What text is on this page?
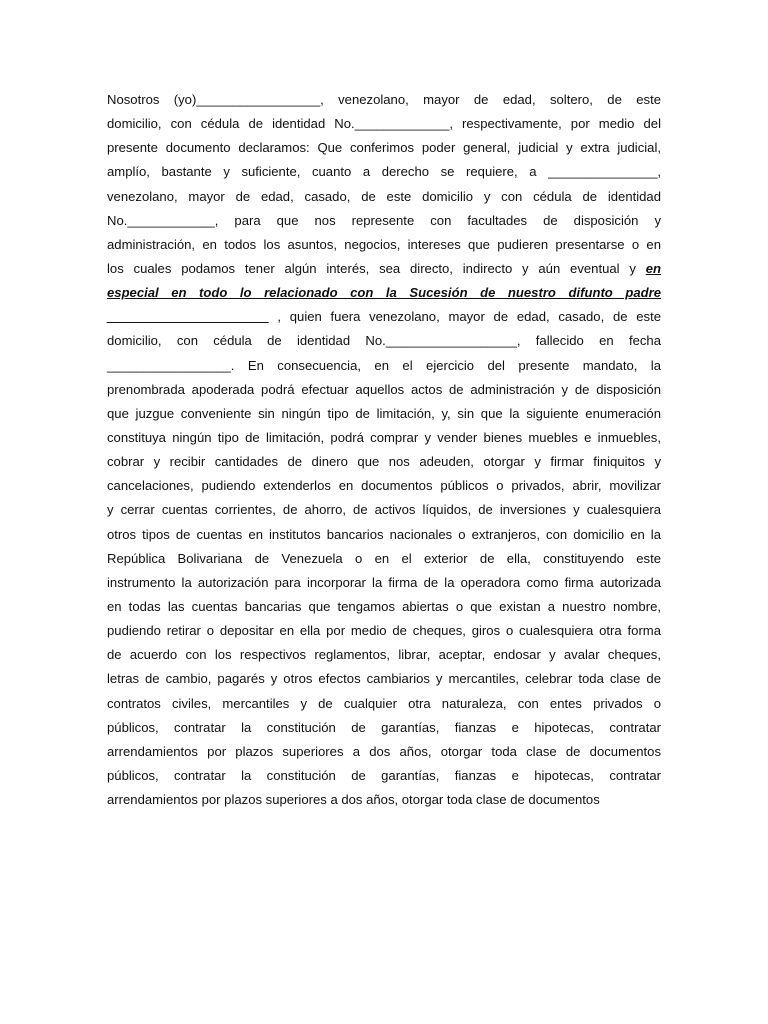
Nosotros (yo)_________________, venezolano, mayor de edad, soltero, de este
domicilio, con cédula de identidad No._____________, respectivamente, por medio del
presente documento declaramos: Que conferimos poder general, judicial y extra judicial,
amplío, bastante y suficiente, cuanto a derecho se requiere, a _______________,
venezolano, mayor de edad, casado, de este domicilio y con cédula de identidad
No.____________, para que nos represente con facultades de disposición y
administración, en todos los asuntos, negocios, intereses que pudieren presentarse o en
los cuales podamos tener algún interés, sea directo, indirecto y aún eventual y en
especial en todo lo relacionado con la Sucesión de nuestro difunto padre
____________________ _ , quien fuera venezolano, mayor de edad, casado, de este
domicilio, con cédula de identidad No.__________________, fallecido en fecha
_________________. En consecuencia, en el ejercicio del presente mandato, la
prenombrada apoderada podrá efectuar aquellos actos de administración y de disposición
que juzgue conveniente sin ningún tipo de limitación, y, sin que la siguiente enumeración
constituya ningún tipo de limitación, podrá comprar y vender bienes muebles e inmuebles,
cobrar y recibir cantidades de dinero que nos adeuden, otorgar y firmar finiquitos y
cancelaciones, pudiendo extenderlos en documentos públicos o privados, abrir, movilizar
y cerrar cuentas corrientes, de ahorro, de activos líquidos, de inversiones y cualesquiera
otros tipos de cuentas en institutos bancarios nacionales o extranjeros, con domicilio en la
República Bolivariana de Venezuela o en el exterior de ella, constituyendo este
instrumento la autorización para incorporar la firma de la operadora como firma autorizada
en todas las cuentas bancarias que tengamos abiertas o que existan a nuestro nombre,
pudiendo retirar o depositar en ella por medio de cheques, giros o cualesquiera otra forma
de acuerdo con los respectivos reglamentos, librar, aceptar, endosar y avalar cheques,
letras de cambio, pagarés y otros efectos cambiarios y mercantiles, celebrar toda clase de
contratos civiles, mercantiles y de cualquier otra naturaleza, con entes privados o
públicos, contratar la constitución de garantías, fianzas e hipotecas, contratar
arrendamientos por plazos superiores a dos años, otorgar toda clase de documentos
públicos, contratar la constitución de garantías, fianzas e hipotecas, contratar
arrendamientos por plazos superiores a dos años, otorgar toda clase de documentos
